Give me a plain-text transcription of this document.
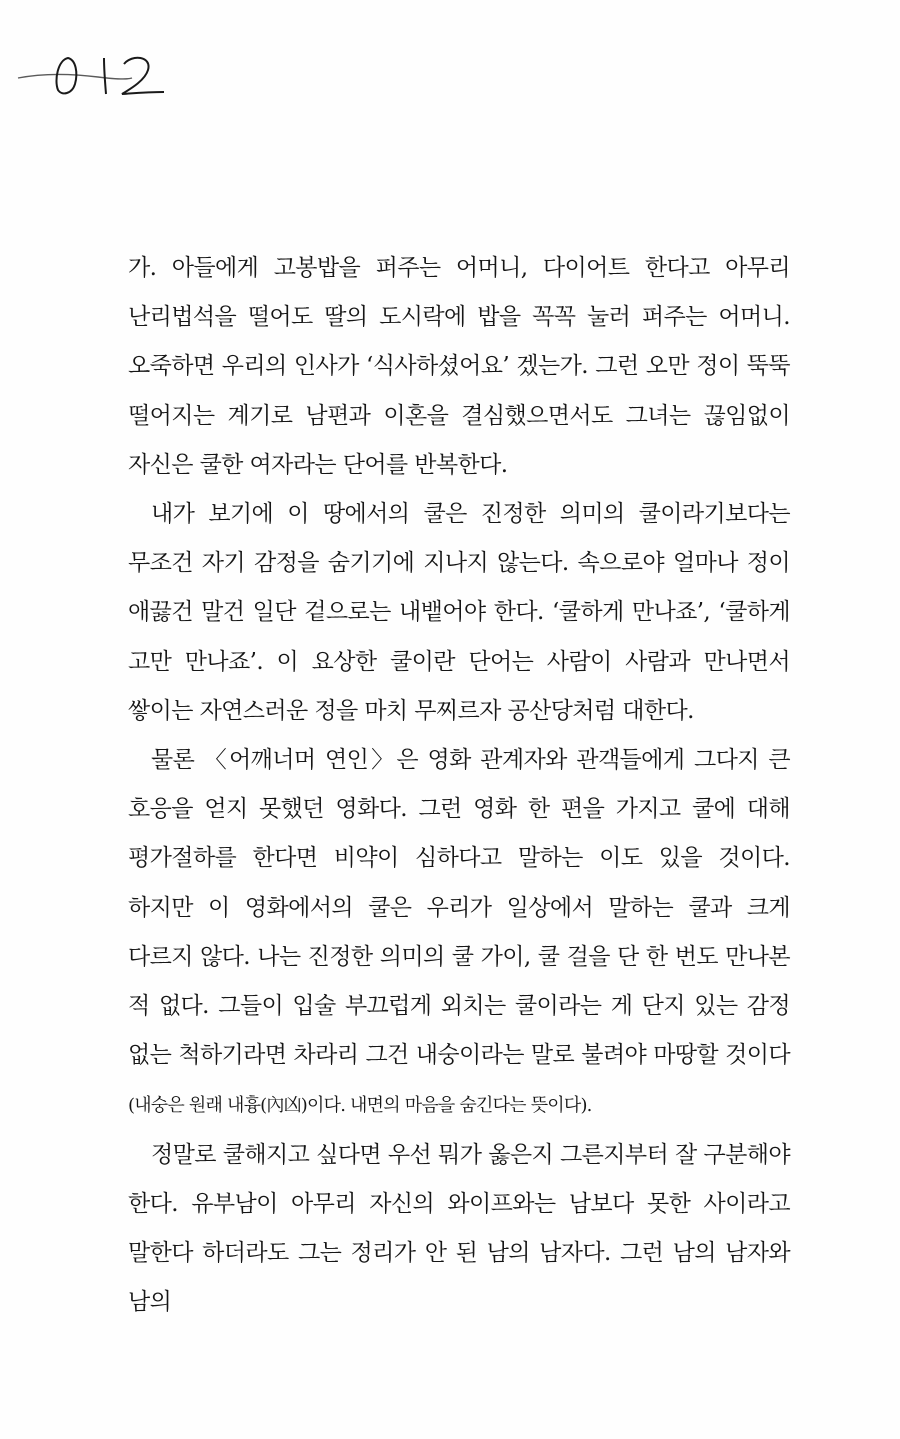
가. 아들에게 고봉밥을 퍼주는 어머니, 다이어트 한다고 아무리 난리법석을 떨어도 딸의 도시락에 밥을 꼭꼭 눌러 퍼주는 어머니. 오죽하면 우리의 인사가 ‘식사하셨어요’ 겠는가. 그런 오만 정이 뚝뚝 떨어지는 계기로 남편과 이혼을 결심했으면서도 그녀는 끊임없이 자신은 쿨한 여자라는 단어를 반복한다.

내가 보기에 이 땅에서의 쿨은 진정한 의미의 쿨이라기보다는 무조건 자기 감정을 숨기기에 지나지 않는다. 속으로야 얼마나 정이 애끓건 말건 일단 겉으로는 내뱉어야 한다. ‘쿨하게 만나죠’, ‘쿨하게 고만 만나죠’. 이 요상한 쿨이란 단어는 사람이 사람과 만나면서 쌓이는 자연스러운 정을 마치 무찌르자 공산당처럼 대한다.

물론 〈어깨너머 연인〉은 영화 관계자와 관객들에게 그다지 큰 호응을 얻지 못했던 영화다. 그런 영화 한 편을 가지고 쿨에 대해 평가절하를 한다면 비약이 심하다고 말하는 이도 있을 것이다. 하지만 이 영화에서의 쿨은 우리가 일상에서 말하는 쿨과 크게 다르지 않다. 나는 진정한 의미의 쿨 가이, 쿨 걸을 단 한 번도 만나본 적 없다. 그들이 입술 부끄럽게 외치는 쿨이라는 게 단지 있는 감정 없는 척하기라면 차라리 그건 내숭이라는 말로 불려야 마땅할 것이다(내숭은 원래 내흉(內凶)이다. 내면의 마음을 숨긴다는 뜻이다).

정말로 쿨해지고 싶다면 우선 뭐가 옳은지 그른지부터 잘 구분해야 한다. 유부남이 아무리 자신의 와이프와는 남보다 못한 사이라고 말한다 하더라도 그는 정리가 안 된 남의 남자다. 그런 남의 남자와 남의
